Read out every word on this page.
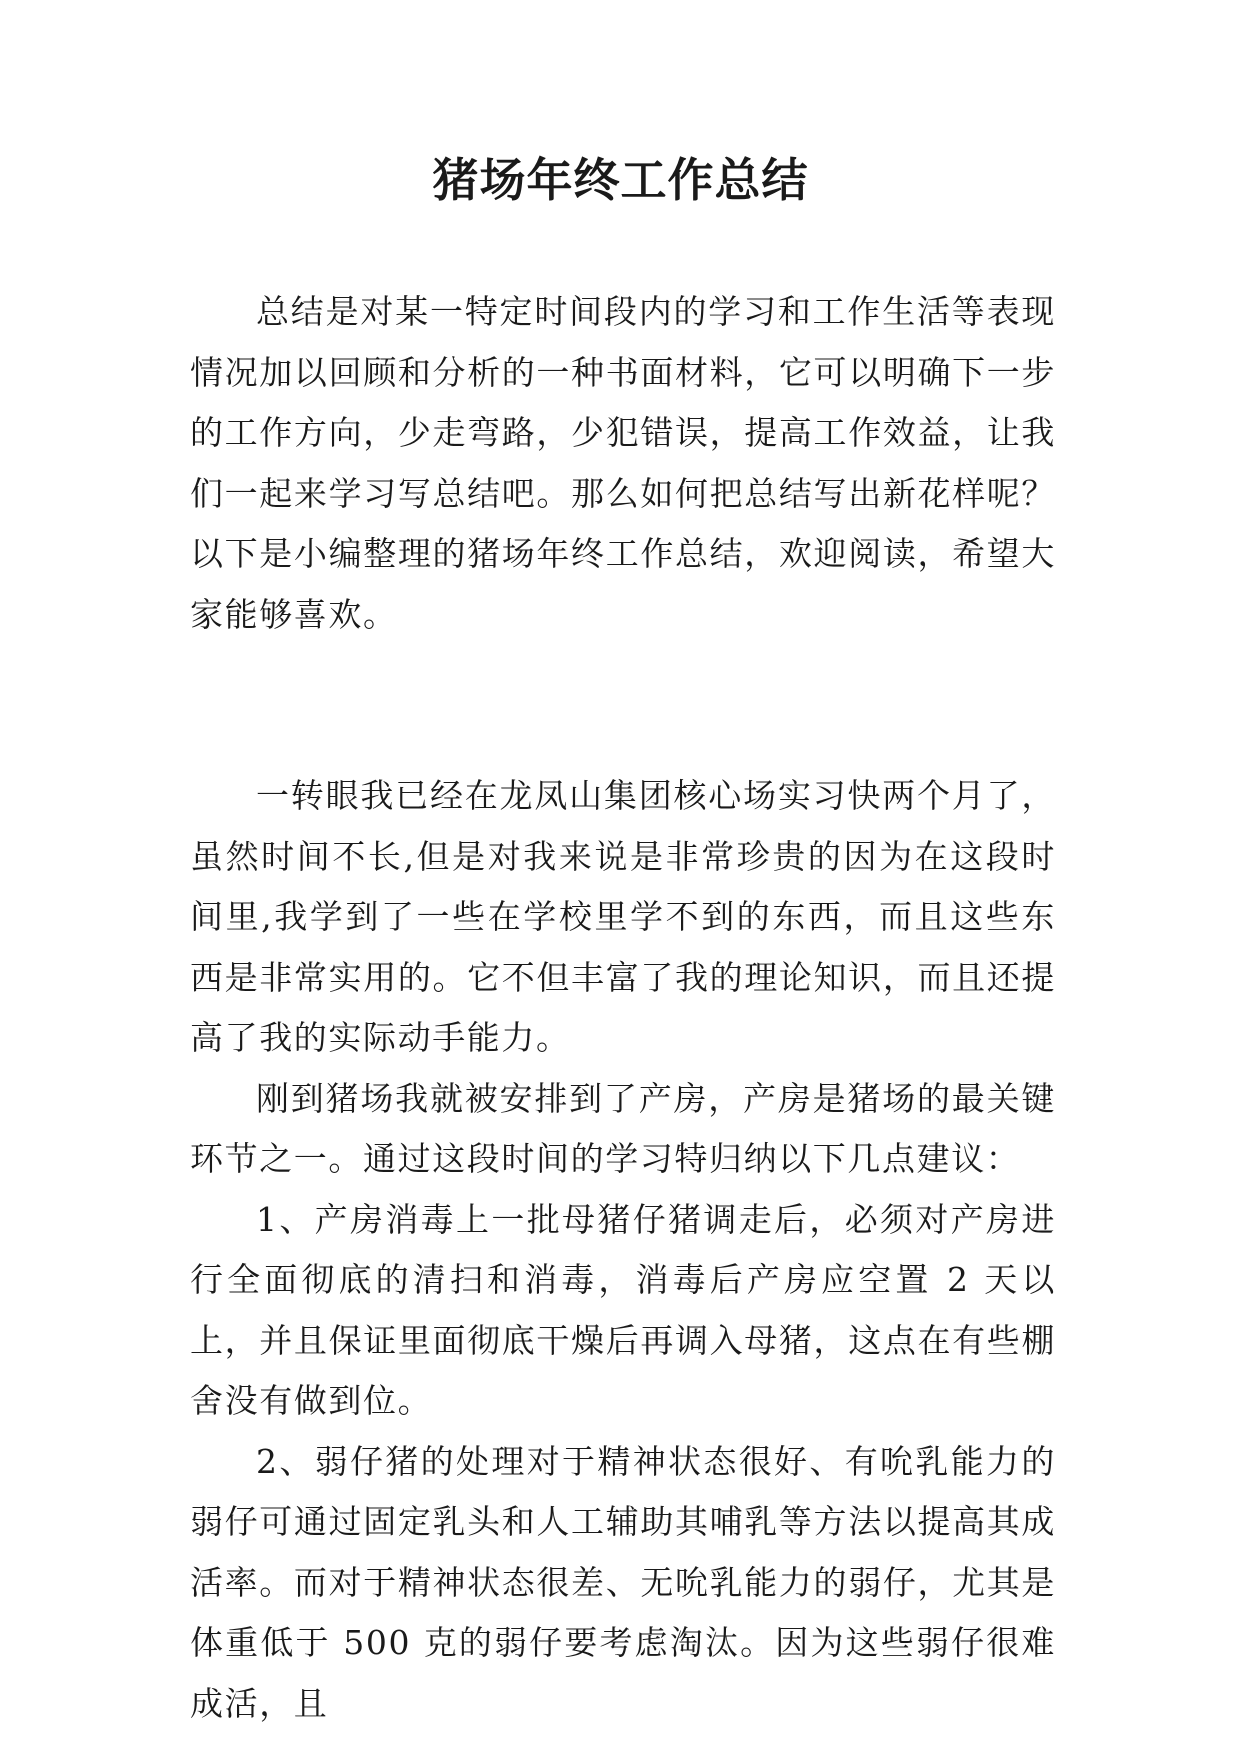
猪场年终工作总结

总结是对某一特定时间段内的学习和工作生活等表现情况加以回顾和分析的一种书面材料，它可以明确下一步的工作方向，少走弯路，少犯错误，提高工作效益，让我们一起来学习写总结吧。那么如何把总结写出新花样呢？以下是小编整理的猪场年终工作总结，欢迎阅读，希望大家能够喜欢。

一转眼我已经在龙凤山集团核心场实习快两个月了，虽然时间不长,但是对我来说是非常珍贵的因为在这段时间里,我学到了一些在学校里学不到的东西，而且这些东西是非常实用的。它不但丰富了我的理论知识，而且还提高了我的实际动手能力。

刚到猪场我就被安排到了产房，产房是猪场的最关键环节之一。通过这段时间的学习特归纳以下几点建议：

1、产房消毒上一批母猪仔猪调走后，必须对产房进行全面彻底的清扫和消毒，消毒后产房应空置 2 天以上，并且保证里面彻底干燥后再调入母猪，这点在有些棚舍没有做到位。

2、弱仔猪的处理对于精神状态很好、有吮乳能力的弱仔可通过固定乳头和人工辅助其哺乳等方法以提高其成活率。而对于精神状态很差、无吮乳能力的弱仔，尤其是体重低于 500 克的弱仔要考虑淘汰。因为这些弱仔很难成活，且
